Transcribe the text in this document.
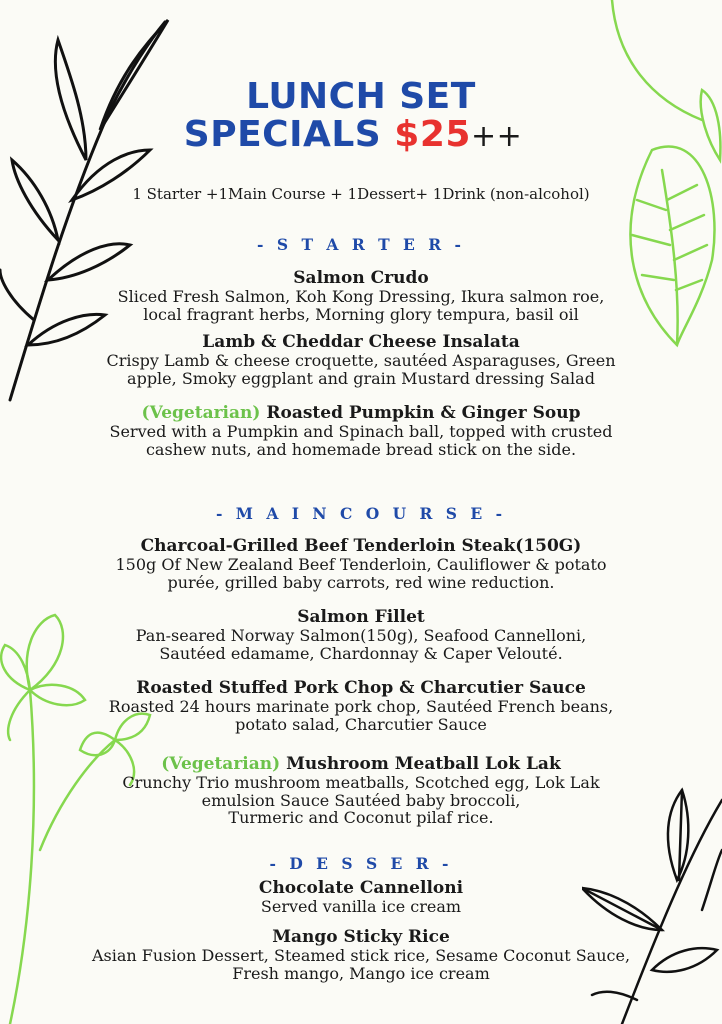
LUNCH SET
SPECIALS $25++
1 Starter +1Main Course + 1Dessert+ 1Drink (non-alcohol)
- S T A R T E R -
Salmon Crudo
Sliced Fresh Salmon, Koh Kong Dressing, Ikura salmon roe,
local fragrant herbs, Morning glory tempura, basil oil
Lamb & Cheddar Cheese Insalata
Crispy Lamb & cheese croquette, sautéed Asparaguses, Green
apple, Smoky eggplant and grain Mustard dressing Salad
(Vegetarian) Roasted Pumpkin & Ginger Soup
Served with a Pumpkin and Spinach ball, topped with crusted
cashew nuts, and homemade bread stick on the side.
- M A I N C O U R S E -
Charcoal-Grilled Beef Tenderloin Steak(150G)
150g Of New Zealand Beef Tenderloin, Cauliflower & potato
purée, grilled baby carrots, red wine reduction.
Salmon Fillet
Pan-seared Norway Salmon(150g), Seafood Cannelloni,
Sautéed edamame, Chardonnay & Caper Velouté.
Roasted Stuffed Pork Chop & Charcutier Sauce
Roasted 24 hours marinate pork chop, Sautéed French beans,
potato salad, Charcutier Sauce
(Vegetarian) Mushroom Meatball Lok Lak
Crunchy Trio mushroom meatballs, Scotched egg, Lok Lak
emulsion Sauce Sautéed baby broccoli,
Turmeric and Coconut pilaf rice.
- D E S S E R -
Chocolate Cannelloni
Served vanilla ice cream
Mango Sticky Rice
Asian Fusion Dessert, Steamed stick rice, Sesame Coconut Sauce,
Fresh mango, Mango ice cream
